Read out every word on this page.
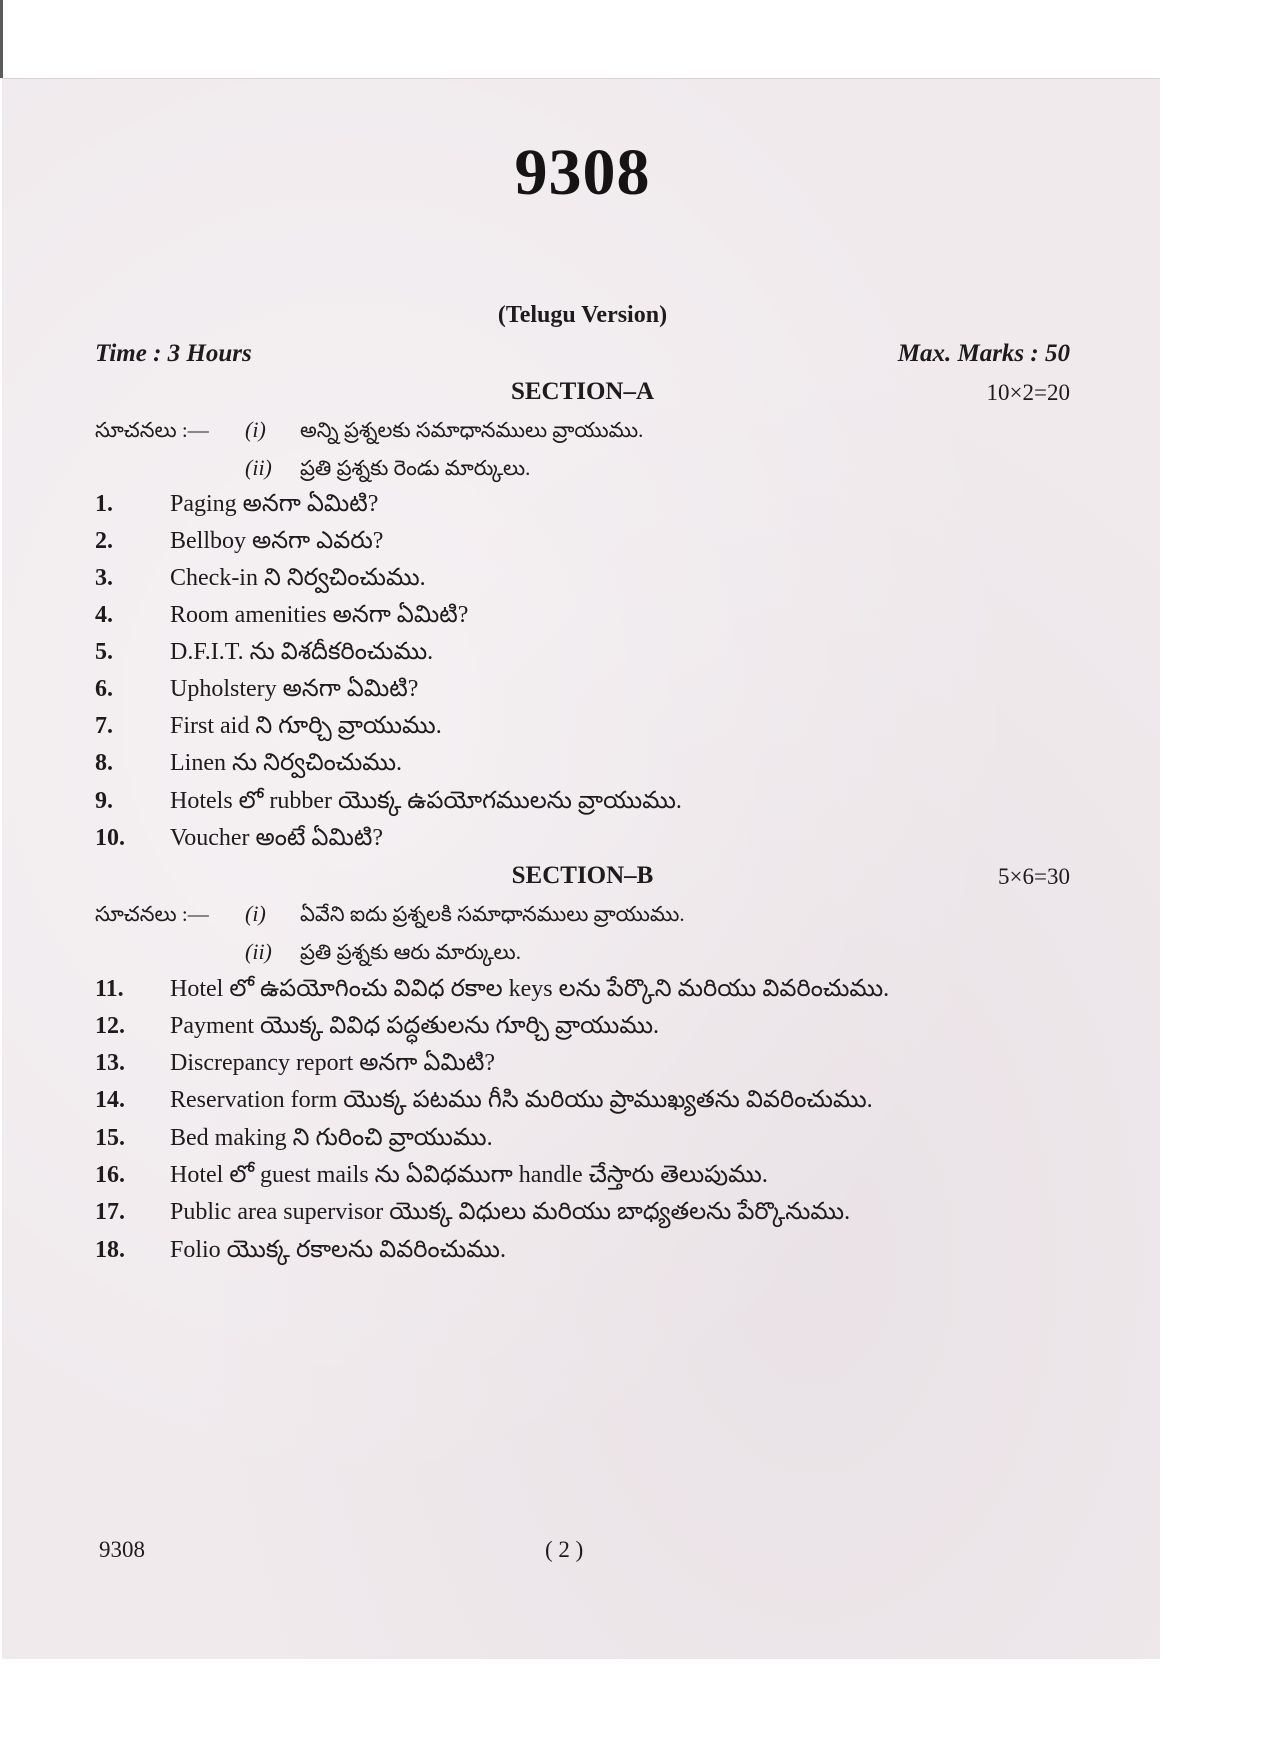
9308
(Telugu Version)
Time : 3 Hours	Max. Marks : 50
SECTION–A	10×2=20
సూచనలు :— (i) అన్ని ప్రశ్నలకు సమాధానములు వ్రాయుము.
(ii) ప్రతి ప్రశ్నకు రెండు మార్కులు.
1.	Paging అనగా ఏమిటి?
2.	Bellboy అనగా ఎవరు?
3.	Check-in ని నిర్వచించుము.
4.	Room amenities అనగా ఏమిటి?
5.	D.F.I.T. ను విశదీకరించుము.
6.	Upholstery అనగా ఏమిటి?
7.	First aid ని గూర్చి వ్రాయుము.
8.	Linen ను నిర్వచించుము.
9.	Hotels లో rubber యొక్క ఉపయోగములను వ్రాయుము.
10.	Voucher అంటే ఏమిటి?
SECTION–B	5×6=30
సూచనలు :— (i) ఏవేని ఐదు ప్రశ్నలకి సమాధానములు వ్రాయుము.
(ii) ప్రతి ప్రశ్నకు ఆరు మార్కులు.
11.	Hotel లో ఉపయోగించు వివిధ రకాల keys లను పేర్కొని మరియు వివరించుము.
12.	Payment యొక్క వివిధ పద్ధతులను గూర్చి వ్రాయుము.
13.	Discrepancy report అనగా ఏమిటి?
14.	Reservation form యొక్క పటము గీసి మరియు ప్రాముఖ్యతను వివరించుము.
15.	Bed making ని గురించి వ్రాయుము.
16.	Hotel లో guest mails ను ఏవిధముగా handle చేస్తారు తెలుపుము.
17.	Public area supervisor యొక్క విధులు మరియు బాధ్యతలను పేర్కొనుము.
18.	Folio యొక్క రకాలను వివరించుము.
9308	( 2 )
